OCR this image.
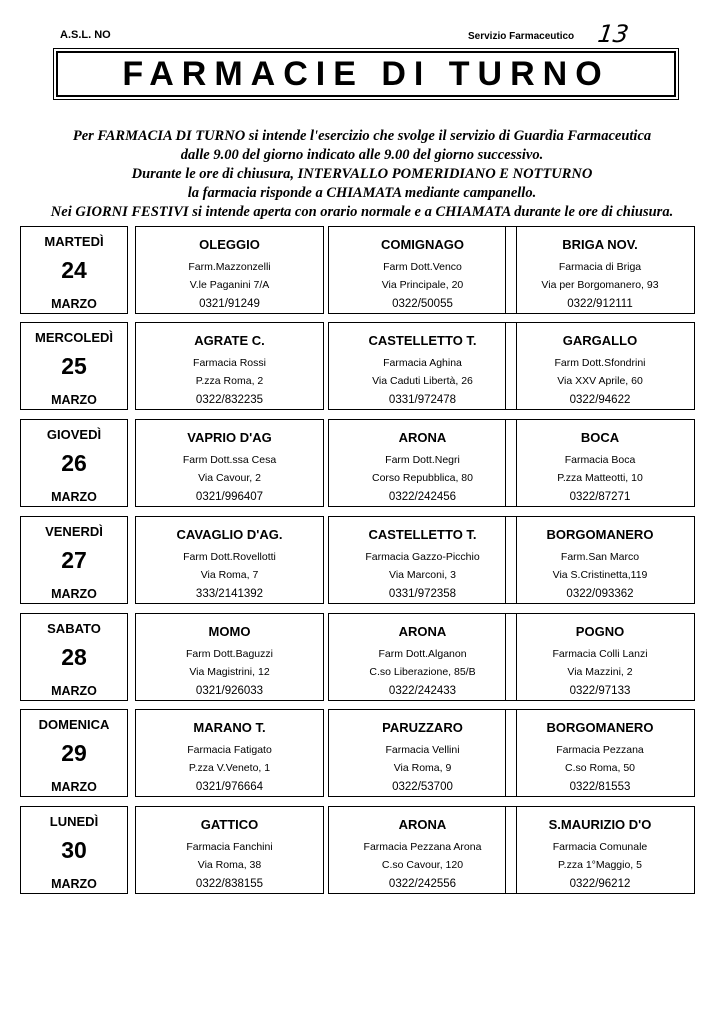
A.S.L. NO	Servizio Farmaceutico 13
FARMACIE DI TURNO
Per FARMACIA DI TURNO si intende l'esercizio che svolge il servizio di Guardia Farmaceutica
dalle 9.00 del giorno indicato alle 9.00 del giorno successivo.
Durante le ore di chiusura, INTERVALLO POMERIDIANO E NOTTURNO
la farmacia risponde a CHIAMATA mediante campanello.
Nei GIORNI FESTIVI si intende aperta con orario normale e a CHIAMATA durante le ore di chiusura.
MARTEDÌ
24
MARZO
OLEGGIO
Farm.Mazzonzelli
V.le Paganini 7/A
0321/91249
COMIGNAGO
Farm Dott.Venco
Via Principale, 20
0322/50055
BRIGA NOV.
Farmacia di Briga
Via per Borgomanero, 93
0322/912111
MERCOLEDÌ
25
MARZO
AGRATE C.
Farmacia Rossi
P.zza Roma, 2
0322/832235
CASTELLETTO T.
Farmacia Aghina
Via Caduti Libertà, 26
0331/972478
GARGALLO
Farm Dott.Sfondrini
Via XXV Aprile, 60
0322/94622
GIOVEDÌ
26
MARZO
VAPRIO D'AG
Farm Dott.ssa Cesa
Via Cavour, 2
0321/996407
ARONA
Farm Dott.Negri
Corso Repubblica, 80
0322/242456
BOCA
Farmacia Boca
P.zza Matteotti, 10
0322/87271
VENERDÌ
27
MARZO
CAVAGLIO D'AG.
Farm Dott.Rovellotti
Via Roma, 7
333/2141392
CASTELLETTO T.
Farmacia Gazzo-Picchio
Via Marconi, 3
0331/972358
BORGOMANERO
Farm.San Marco
Via S.Cristinetta,119
0322/093362
SABATO
28
MARZO
MOMO
Farm Dott.Baguzzi
Via Magistrini, 12
0321/926033
ARONA
Farm Dott.Alganon
C.so Liberazione, 85/B
0322/242433
POGNO
Farmacia Colli Lanzi
Via Mazzini, 2
0322/97133
DOMENICA
29
MARZO
MARANO T.
Farmacia Fatigato
P.zza V.Veneto, 1
0321/976664
PARUZZARO
Farmacia Vellini
Via Roma, 9
0322/53700
BORGOMANERO
Farmacia Pezzana
C.so Roma, 50
0322/81553
LUNEDÌ
30
MARZO
GATTICO
Farmacia Fanchini
Via Roma, 38
0322/838155
ARONA
Farmacia Pezzana Arona
C.so Cavour, 120
0322/242556
S.MAURIZIO D'O
Farmacia Comunale
P.zza 1°Maggio, 5
0322/96212
